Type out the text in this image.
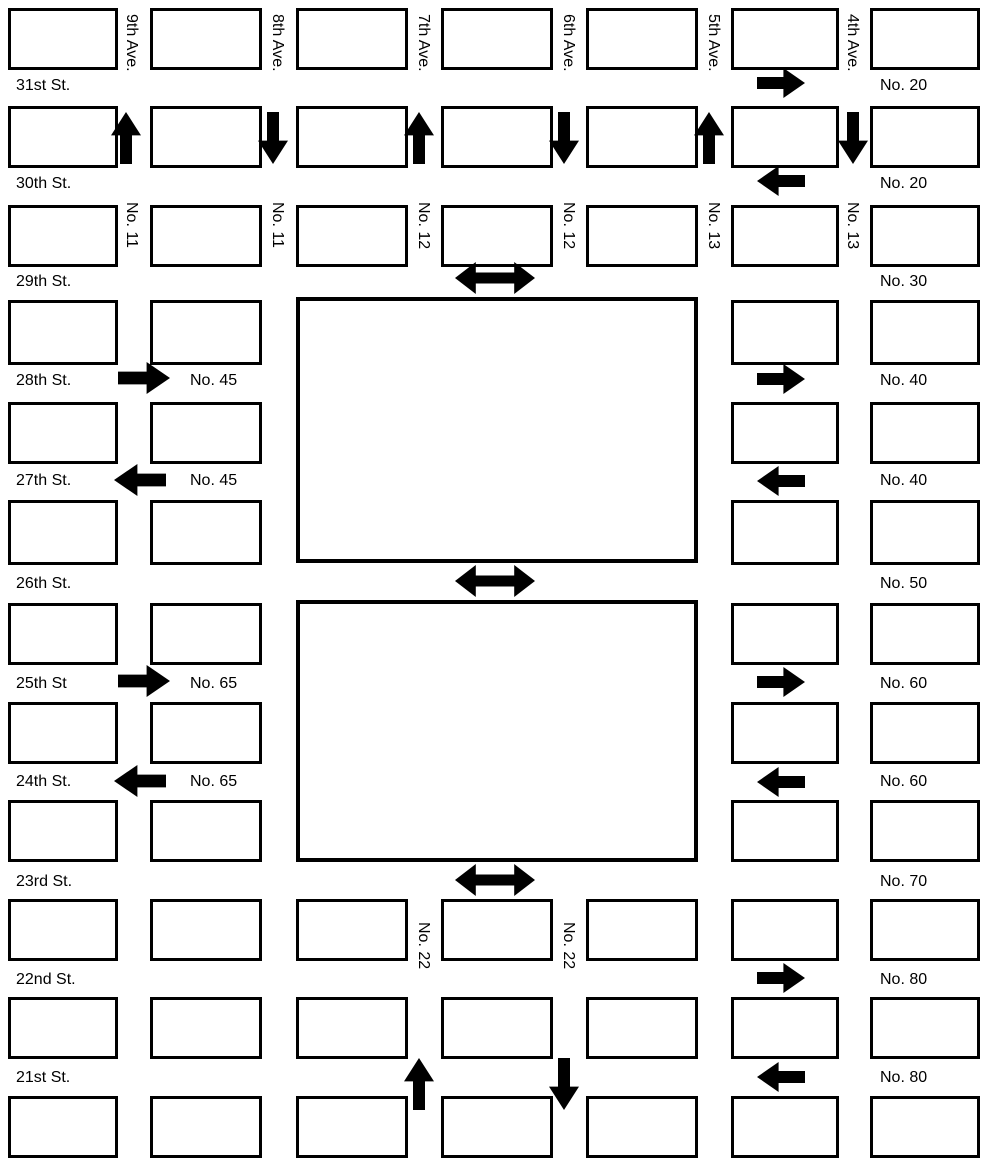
31st St.
30th St.
29th St.
28th St.
27th St.
26th St.
25th St
24th St.
23rd St.
22nd St.
21st St.
No. 20
No. 20
No. 30
No. 40
No. 40
No. 50
No. 60
No. 60
No. 70
No. 80
No. 80
No. 45
No. 45
No. 65
No. 65
9th Ave.	8th Ave.	7th Ave.	6th Ave.	5th Ave.	4th Ave.
No. 11	No. 11	No. 12	No. 12	No. 13	No. 13
No. 22	No. 22
